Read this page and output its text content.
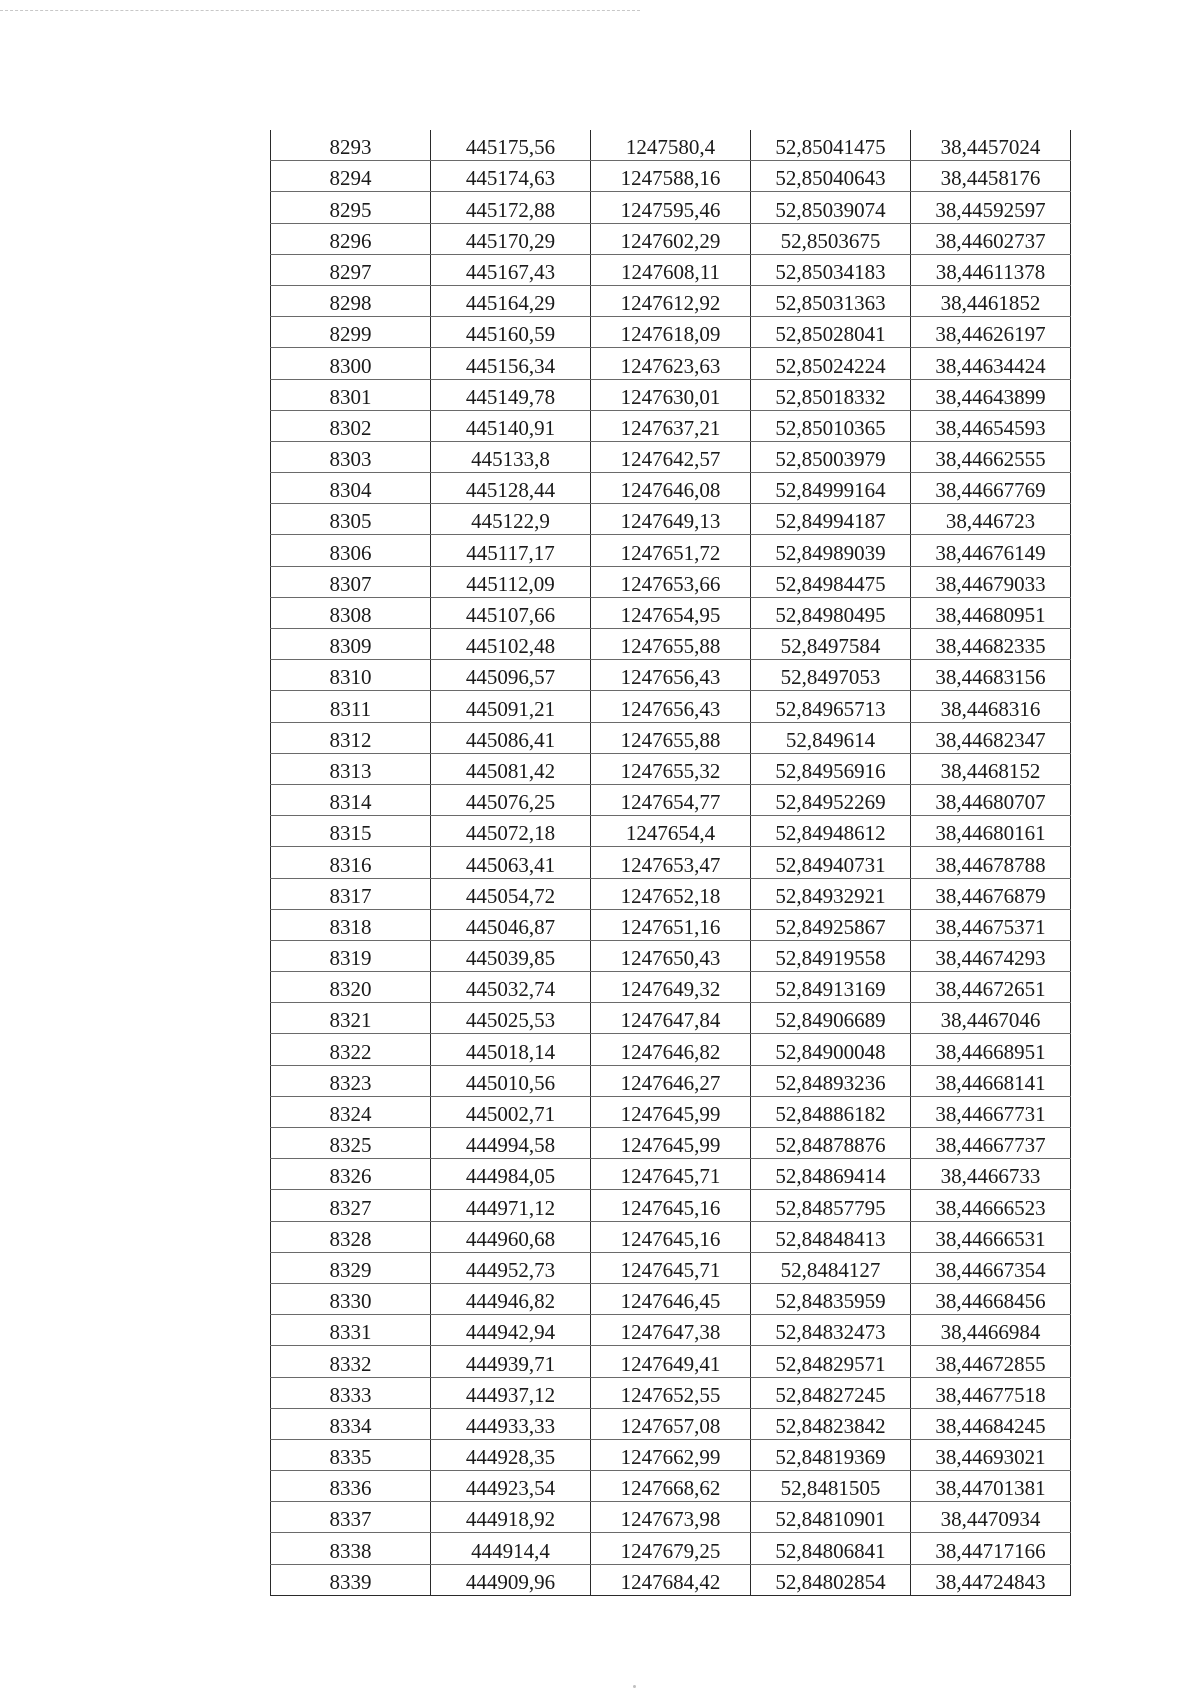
8293	445175,56	1247580,4	52,85041475	38,4457024
8294	445174,63	1247588,16	52,85040643	38,4458176
8295	445172,88	1247595,46	52,85039074	38,44592597
8296	445170,29	1247602,29	52,8503675	38,44602737
8297	445167,43	1247608,11	52,85034183	38,44611378
8298	445164,29	1247612,92	52,85031363	38,4461852
8299	445160,59	1247618,09	52,85028041	38,44626197
8300	445156,34	1247623,63	52,85024224	38,44634424
8301	445149,78	1247630,01	52,85018332	38,44643899
8302	445140,91	1247637,21	52,85010365	38,44654593
8303	445133,8	1247642,57	52,85003979	38,44662555
8304	445128,44	1247646,08	52,84999164	38,44667769
8305	445122,9	1247649,13	52,84994187	38,446723
8306	445117,17	1247651,72	52,84989039	38,44676149
8307	445112,09	1247653,66	52,84984475	38,44679033
8308	445107,66	1247654,95	52,84980495	38,44680951
8309	445102,48	1247655,88	52,8497584	38,44682335
8310	445096,57	1247656,43	52,8497053	38,44683156
8311	445091,21	1247656,43	52,84965713	38,4468316
8312	445086,41	1247655,88	52,849614	38,44682347
8313	445081,42	1247655,32	52,84956916	38,4468152
8314	445076,25	1247654,77	52,84952269	38,44680707
8315	445072,18	1247654,4	52,84948612	38,44680161
8316	445063,41	1247653,47	52,84940731	38,44678788
8317	445054,72	1247652,18	52,84932921	38,44676879
8318	445046,87	1247651,16	52,84925867	38,44675371
8319	445039,85	1247650,43	52,84919558	38,44674293
8320	445032,74	1247649,32	52,84913169	38,44672651
8321	445025,53	1247647,84	52,84906689	38,4467046
8322	445018,14	1247646,82	52,84900048	38,44668951
8323	445010,56	1247646,27	52,84893236	38,44668141
8324	445002,71	1247645,99	52,84886182	38,44667731
8325	444994,58	1247645,99	52,84878876	38,44667737
8326	444984,05	1247645,71	52,84869414	38,4466733
8327	444971,12	1247645,16	52,84857795	38,44666523
8328	444960,68	1247645,16	52,84848413	38,44666531
8329	444952,73	1247645,71	52,8484127	38,44667354
8330	444946,82	1247646,45	52,84835959	38,44668456
8331	444942,94	1247647,38	52,84832473	38,4466984
8332	444939,71	1247649,41	52,84829571	38,44672855
8333	444937,12	1247652,55	52,84827245	38,44677518
8334	444933,33	1247657,08	52,84823842	38,44684245
8335	444928,35	1247662,99	52,84819369	38,44693021
8336	444923,54	1247668,62	52,8481505	38,44701381
8337	444918,92	1247673,98	52,84810901	38,4470934
8338	444914,4	1247679,25	52,84806841	38,44717166
8339	444909,96	1247684,42	52,84802854	38,44724843
